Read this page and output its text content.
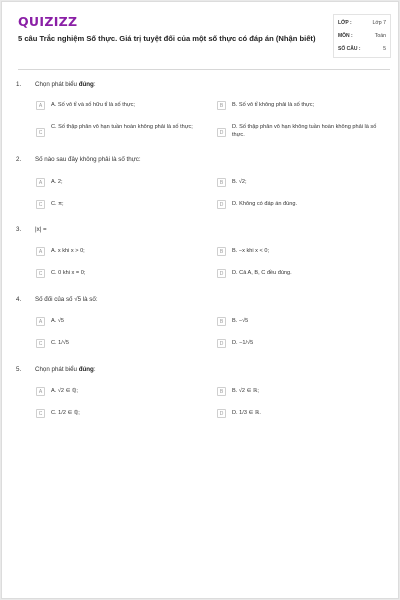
QUIZIZZ
5 câu Trắc nghiệm Số thực. Giá trị tuyệt đối của một số thực có đáp án (Nhận biết)
LỚP :	Lớp 7
MÔN :	Toán
SỐ CÂU :	5
1. Chọn phát biểu đúng:
A	A. Số vô tỉ và số hữu tỉ là số thực;	B	B. Số vô tỉ không phải là số thực;
C
C. Số thập phân vô hạn tuần hoàn không phải là số thực;
D
D. Số thập phân vô hạn không tuần hoàn không phải là số thực.
2. Số nào sau đây không phải là số thực:
A	A. 2;	B	B. √2;
C	C. π;	D	D. Không có đáp án đúng.
3. |x| =
A	A. x khi x > 0;	B	B. −x khi x < 0;
C	C. 0 khi x = 0;	D	D. Cả A, B, C đều đúng.
4. Số đối của số √5 là số:
A	A. √5	B	B. −√5
C	C. 1/√5	D	D. −1/√5
5. Chọn phát biểu đúng:
A	A. √2 ∈ ℚ;	B	B. √2 ∈ ℝ;
C	C. 1/2 ∈ ℚ;	D	D. 1/3 ∈ ℝ.
